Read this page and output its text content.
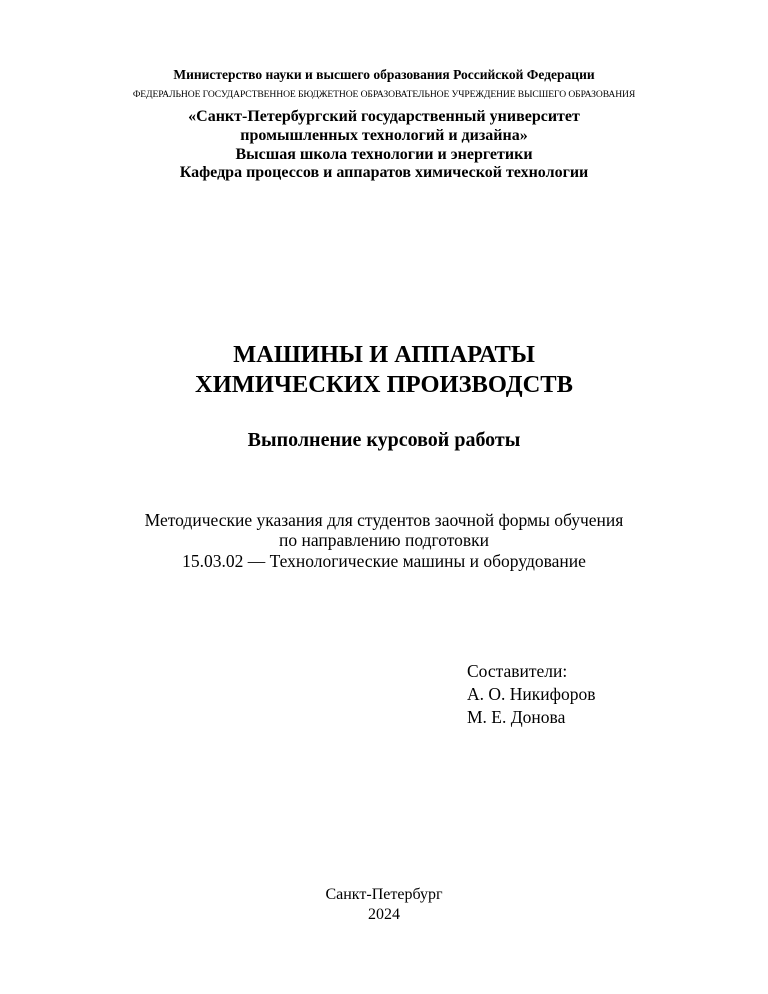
Министерство науки и высшего образования Российской Федерации
ФЕДЕРАЛЬНОЕ ГОСУДАРСТВЕННОЕ БЮДЖЕТНОЕ ОБРАЗОВАТЕЛЬНОЕ УЧРЕЖДЕНИЕ ВЫСШЕГО ОБРАЗОВАНИЯ
«Санкт-Петербургский государственный университет
промышленных технологий и дизайна»
Высшая школа технологии и энергетики
Кафедра процессов и аппаратов химической технологии
МАШИНЫ И АППАРАТЫ
ХИМИЧЕСКИХ ПРОИЗВОДСТВ
Выполнение курсовой работы
Методические указания для студентов заочной формы обучения
по направлению подготовки
15.03.02 — Технологические машины и оборудование
Составители:
А. О. Никифоров
М. Е. Донова
Санкт-Петербург
2024
